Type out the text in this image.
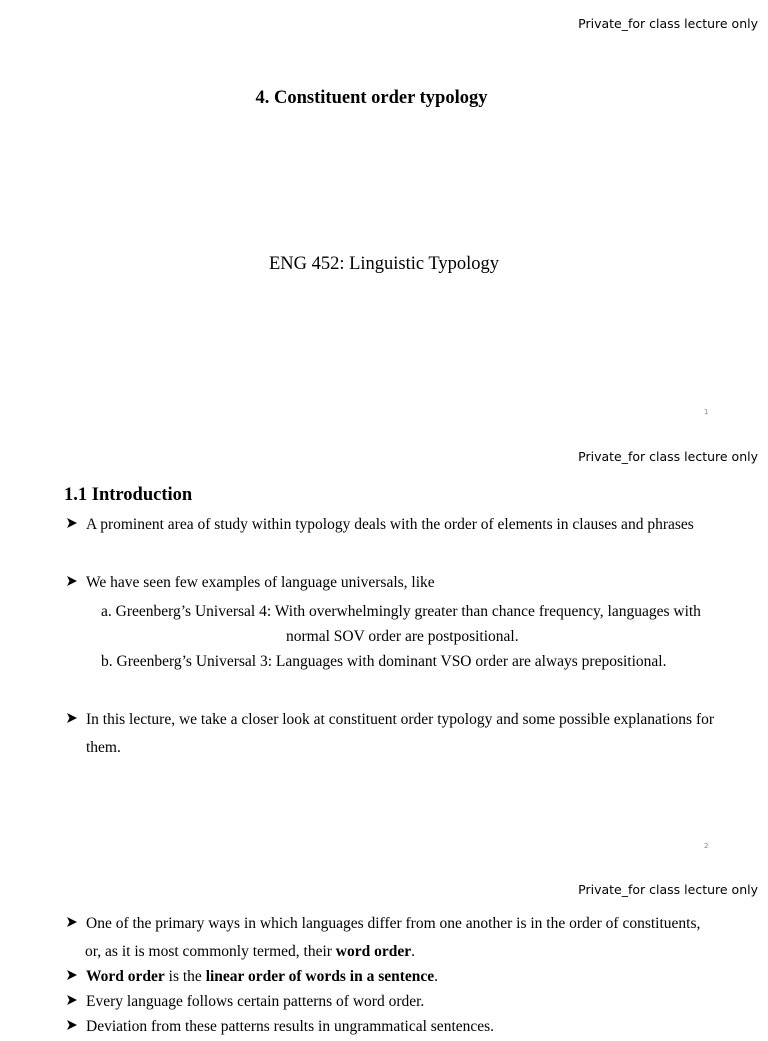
Private_for class lecture only
4. Constituent order typology
ENG 452: Linguistic Typology
1
Private_for class lecture only
1.1 Introduction
A prominent area of study within typology deals with the order of elements in clauses and phrases
We have seen few examples of language universals, like
a. Greenberg’s Universal 4: With overwhelmingly greater than chance frequency, languages with
normal SOV order are postpositional.
b. Greenberg’s Universal 3: Languages with dominant VSO order are always prepositional.
In this lecture, we take a closer look at constituent order typology and some possible explanations for
them.
2
Private_for class lecture only
One of the primary ways in which languages differ from one another is in the order of constituents,
or, as it is most commonly termed, their word order.
Word order is the linear order of words in a sentence.
Every language follows certain patterns of word order.
Deviation from these patterns results in ungrammatical sentences.
